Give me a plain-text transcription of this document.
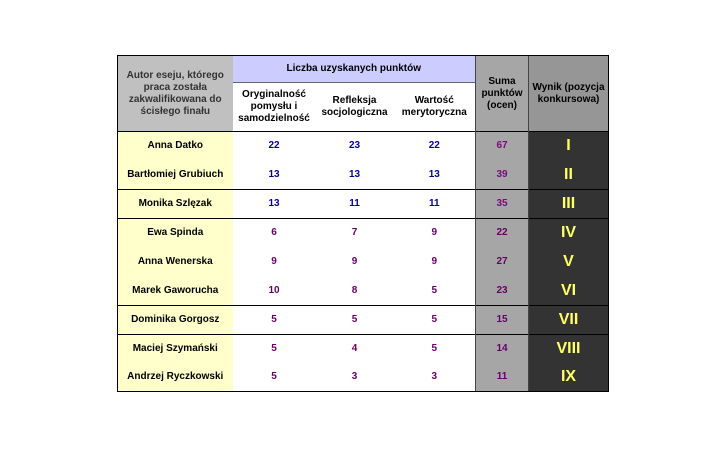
Autor eseju, którego praca została zakwalifikowana do ścisłego finału	Liczba uzyskanych punktów			Suma punktów (ocen)	Wynik (pozycja konkursowa)
	Oryginalność pomysłu i samodzielność	Refleksja socjologiczna	Wartość merytoryczna		
Anna Datko	22	23	22	67	I
Bartłomiej Grubiuch	13	13	13	39	II
Monika Szlęzak	13	11	11	35	III
Ewa Spinda	6	7	9	22	IV
Anna Wenerska	9	9	9	27	V
Marek Gaworucha	10	8	5	23	VI
Dominika Gorgosz	5	5	5	15	VII
Maciej Szymański	5	4	5	14	VIII
Andrzej Ryczkowski	5	3	3	11	IX
